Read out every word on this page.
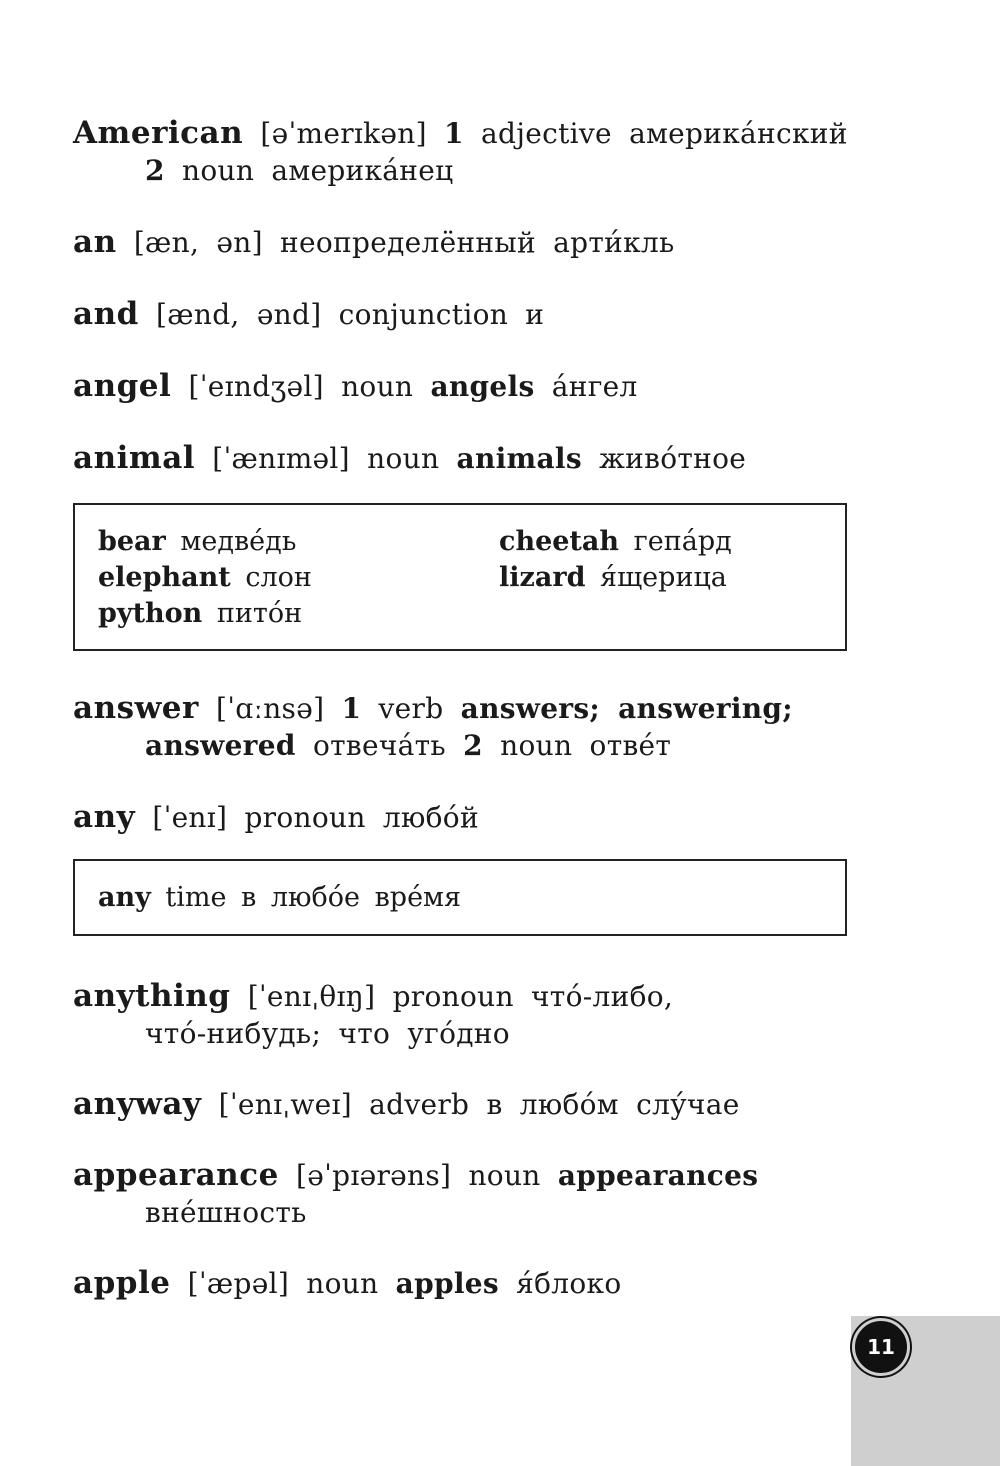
American [əˈmerɪkən] 1 adjective америка́нский
2 noun америка́нец
an [æn, ən] неопределённый арти́кль
and [ænd, ənd] conjunction и
angel [ˈeɪndʒəl] noun angels а́нгел
animal [ˈænɪməl] noun animals живо́тное
bear медве́дь	cheetah гепа́рд
elephant слон	lizard я́щерица
python пито́н
answer [ˈɑːnsə] 1 verb answers; answering;
answered отвеча́ть 2 noun отве́т
any [ˈenɪ] pronoun любо́й
any time в любо́е вре́мя
anything [ˈenɪˌθɪŋ] pronoun что́-либо,
что́-нибудь; что уго́дно
anyway [ˈenɪˌweɪ] adverb в любо́м слу́чае
appearance [əˈpɪərəns] noun appearances
вне́шность
apple [ˈæpəl] noun apples я́блоко
11
